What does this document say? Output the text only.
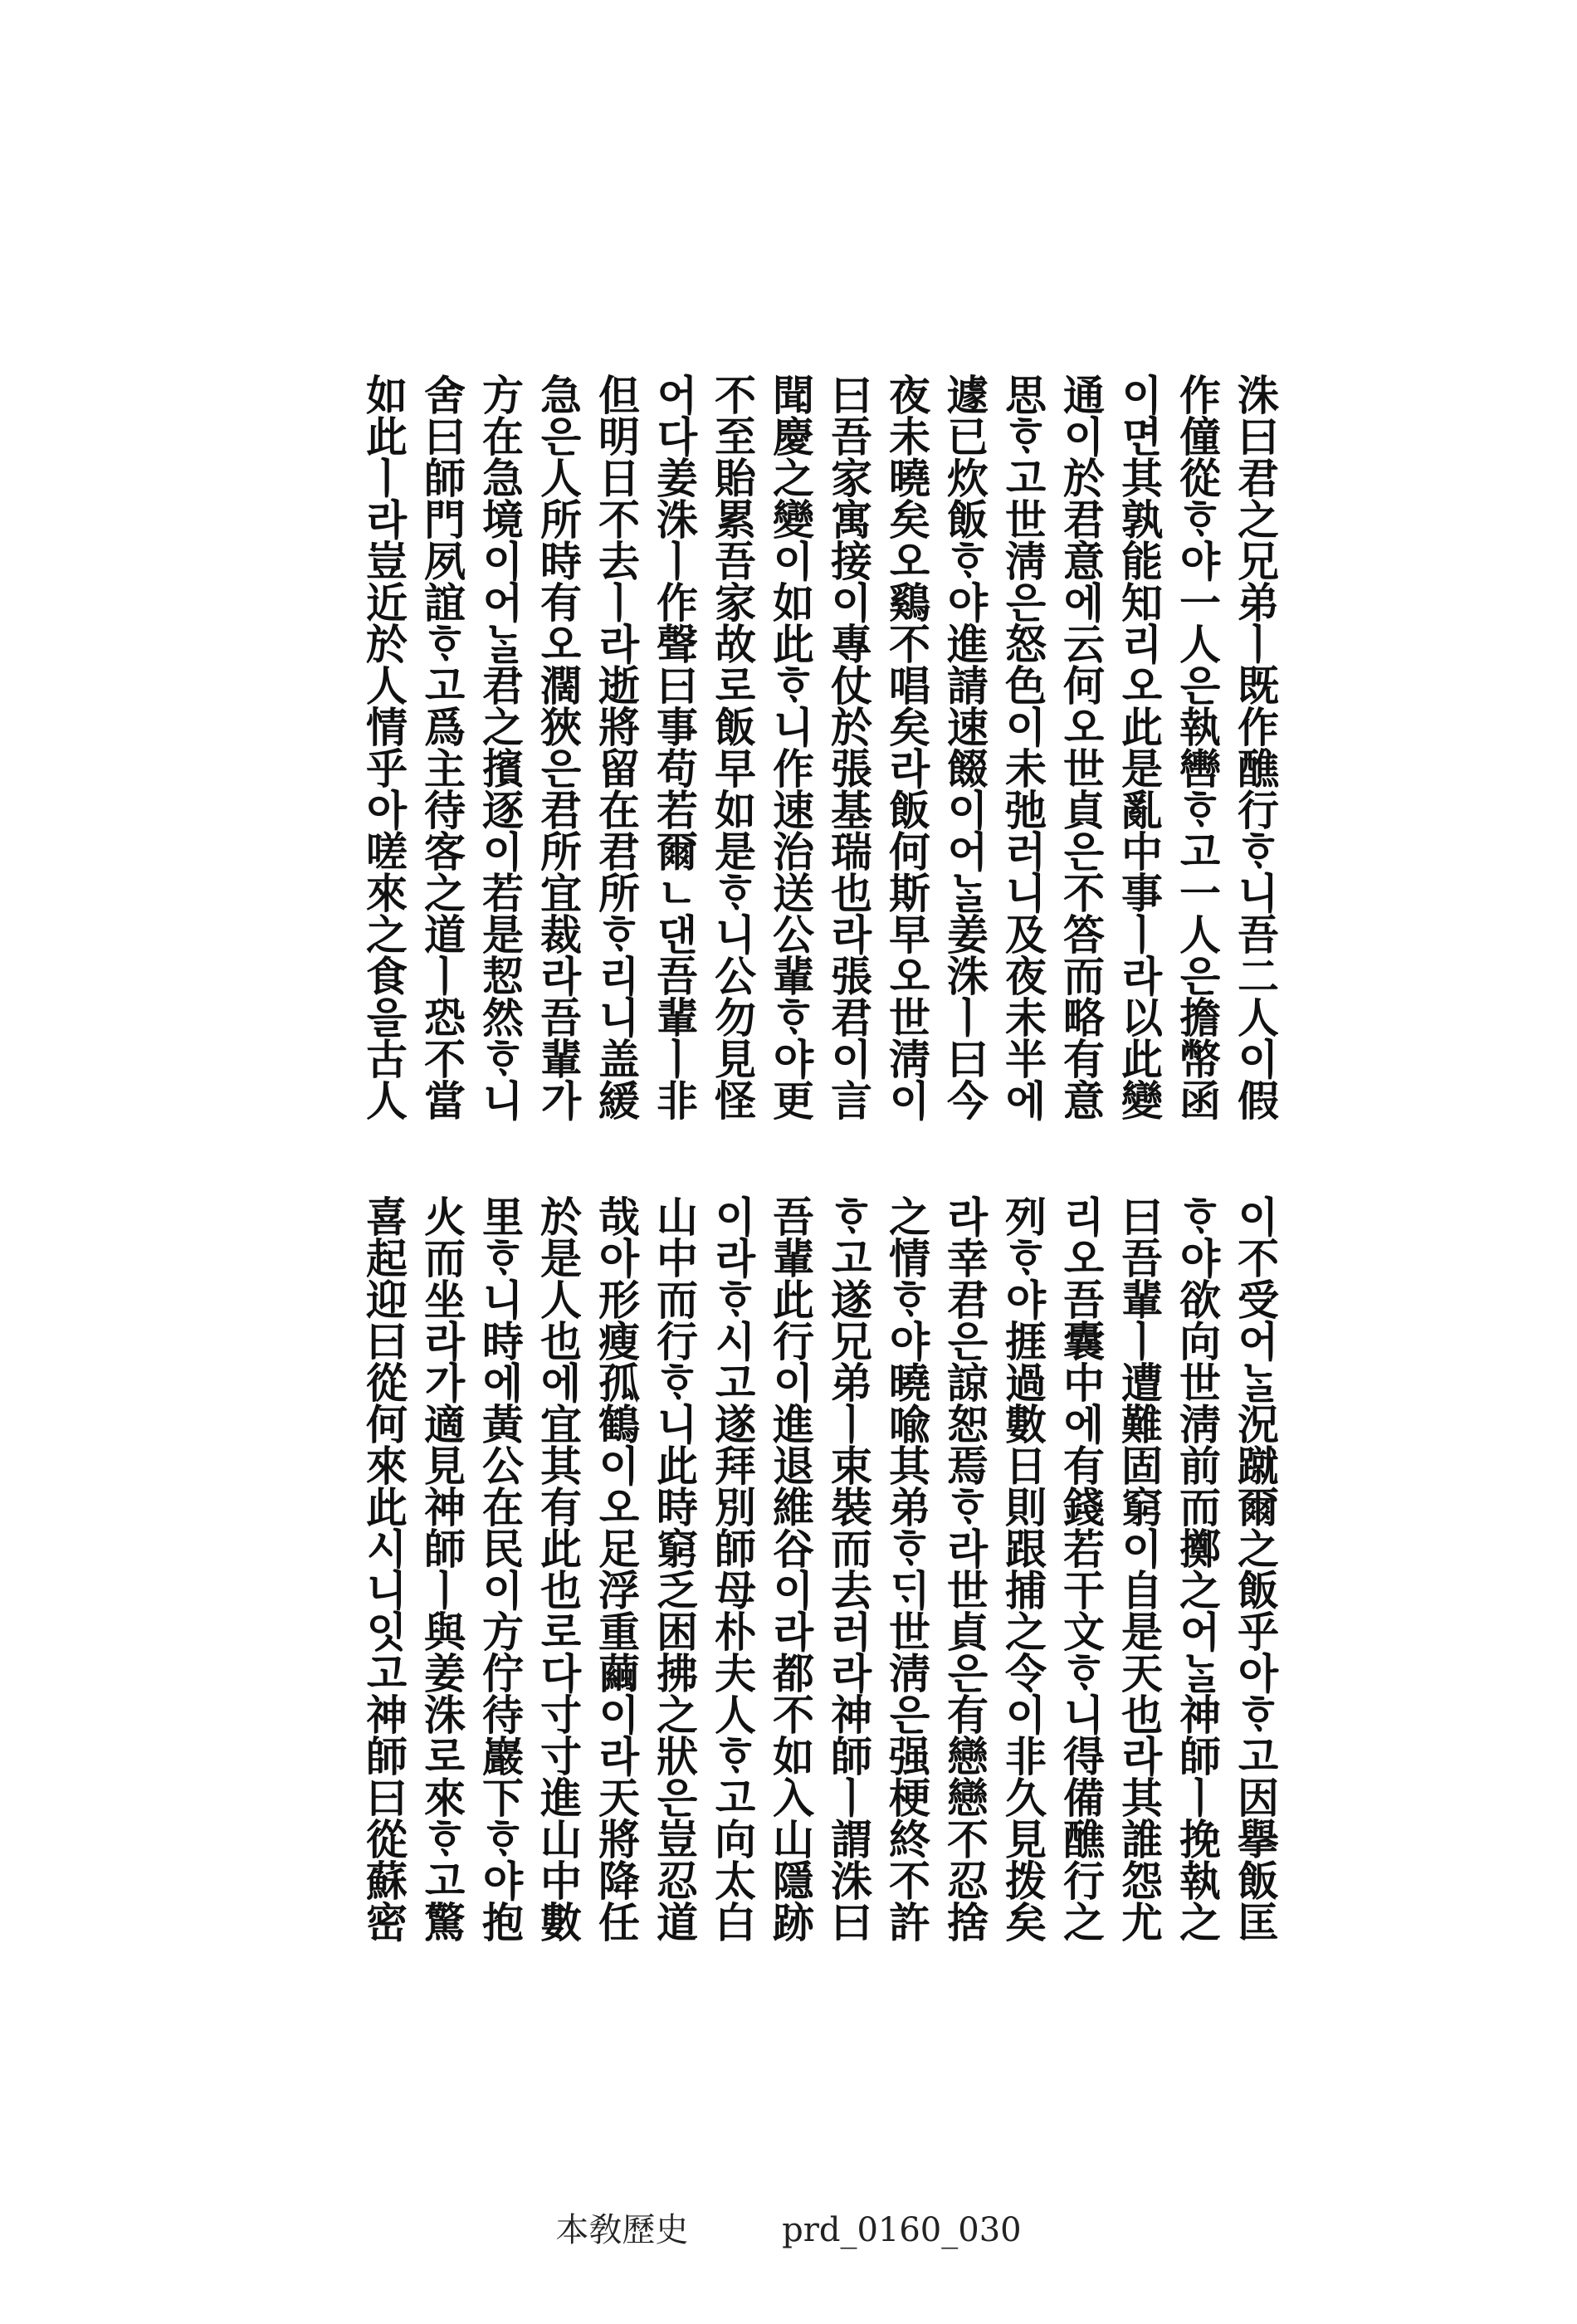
洙曰君之兄弟ㅣ既作醮行ᄒᆞ니吾二人이假
作僮從ᄒᆞ야一人은執轡ᄒᆞ고一人은擔幣函
이면其孰能知리오此是亂中事ㅣ라以此變
通이於君意에云何오世貞은不答而略有意
思ᄒᆞ고世淸은怒色이未弛러니及夜未半에
遽已炊飯ᄒᆞ야進請速餟이어ᄂᆞᆯ姜洙ㅣ曰今
夜未曉矣오鷄不唱矣라飯何斯早오世淸이
曰吾家寓接이專仗於張基瑞也라張君이言
聞慶之變이如此ᄒᆞ니作速治送公輩ᄒᆞ야更
不至貽累吾家故로飯早如是ᄒᆞ니公勿見怪
어다姜洙ㅣ作聲曰事苟若爾ㄴ댄吾輩ㅣ非
但明日不去ㅣ라逝將留在君所ᄒᆞ리니盖緩
急은人所時有오濶狹은君所宜裁라吾輩가
方在急境이어ᄂᆞᆯ君之擯逐이若是恝然ᄒᆞ니
舍曰師門夙誼ᄒᆞ고爲主待客之道ㅣ恐不當
如此ㅣ라豈近於人情乎아嗟來之食을古人
이不受어ᄂᆞᆯ況蹴爾之飯乎아ᄒᆞ고因擧飯匡
ᄒᆞ야欲向世淸前而擲之어ᄂᆞᆯ神師ㅣ挽執之
曰吾輩ㅣ遭難固窮이自是天也라其誰怨尤
리오吾囊中에有錢若干文ᄒᆞ니得備醮行之
列ᄒᆞ야捱過數日則跟捕之令이非久見拨矣
라幸君은諒恕焉ᄒᆞ라世貞은有戀戀不忍捨
之情ᄒᆞ야曉喩其弟ᄒᆞᄃᆡ世淸은强梗終不許
ᄒᆞ고遂兄弟ㅣ束裝而去러라神師ㅣ謂洙曰
吾輩此行이進退維谷이라都不如入山隱跡
이라ᄒᆞ시고遂拜別師母朴夫人ᄒᆞ고向太白
山中而行ᄒᆞ니此時窮乏困拂之狀은豈忍道
哉아形瘦孤鶴이오足浮重繭이라天將降任
於是人也에宜其有此也로다寸寸進山中數
里ᄒᆞ니時에黃公在民이方佇待巖下ᄒᆞ야抱
火而坐라가適見神師ㅣ與姜洙로來ᄒᆞ고驚
喜起迎曰從何來此시니잇고神師曰從蘇密
本敎歷史	prd_0160_030
